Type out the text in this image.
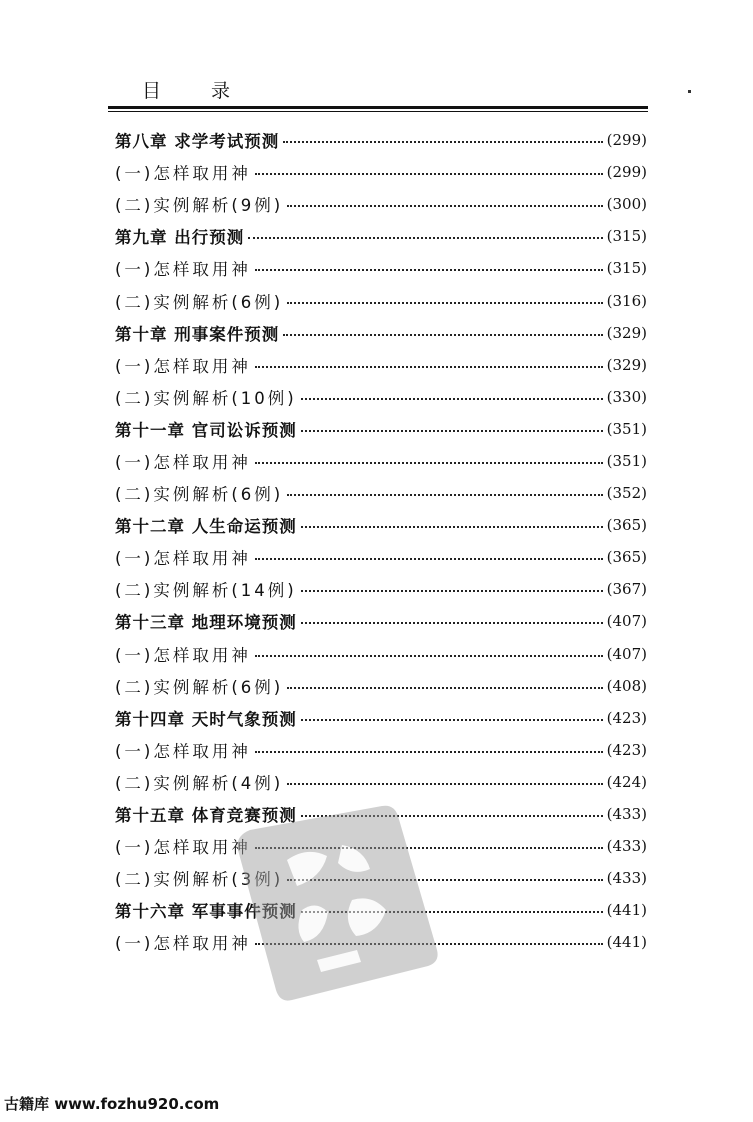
目 录
第八章 求学考试预测	(299)
(一)怎样取用神	(299)
(二)实例解析(9例)	(300)
第九章 出行预测	(315)
(一)怎样取用神	(315)
(二)实例解析(6例)	(316)
第十章 刑事案件预测	(329)
(一)怎样取用神	(329)
(二)实例解析(10例)	(330)
第十一章 官司讼诉预测	(351)
(一)怎样取用神	(351)
(二)实例解析(6例)	(352)
第十二章 人生命运预测	(365)
(一)怎样取用神	(365)
(二)实例解析(14例)	(367)
第十三章 地理环境预测	(407)
(一)怎样取用神	(407)
(二)实例解析(6例)	(408)
第十四章 天时气象预测	(423)
(一)怎样取用神	(423)
(二)实例解析(4例)	(424)
第十五章 体育竞赛预测	(433)
(一)怎样取用神	(433)
(二)实例解析(3例)	(433)
第十六章 军事事件预测	(441)
(一)怎样取用神	(441)
古籍库 www.fozhu920.com
